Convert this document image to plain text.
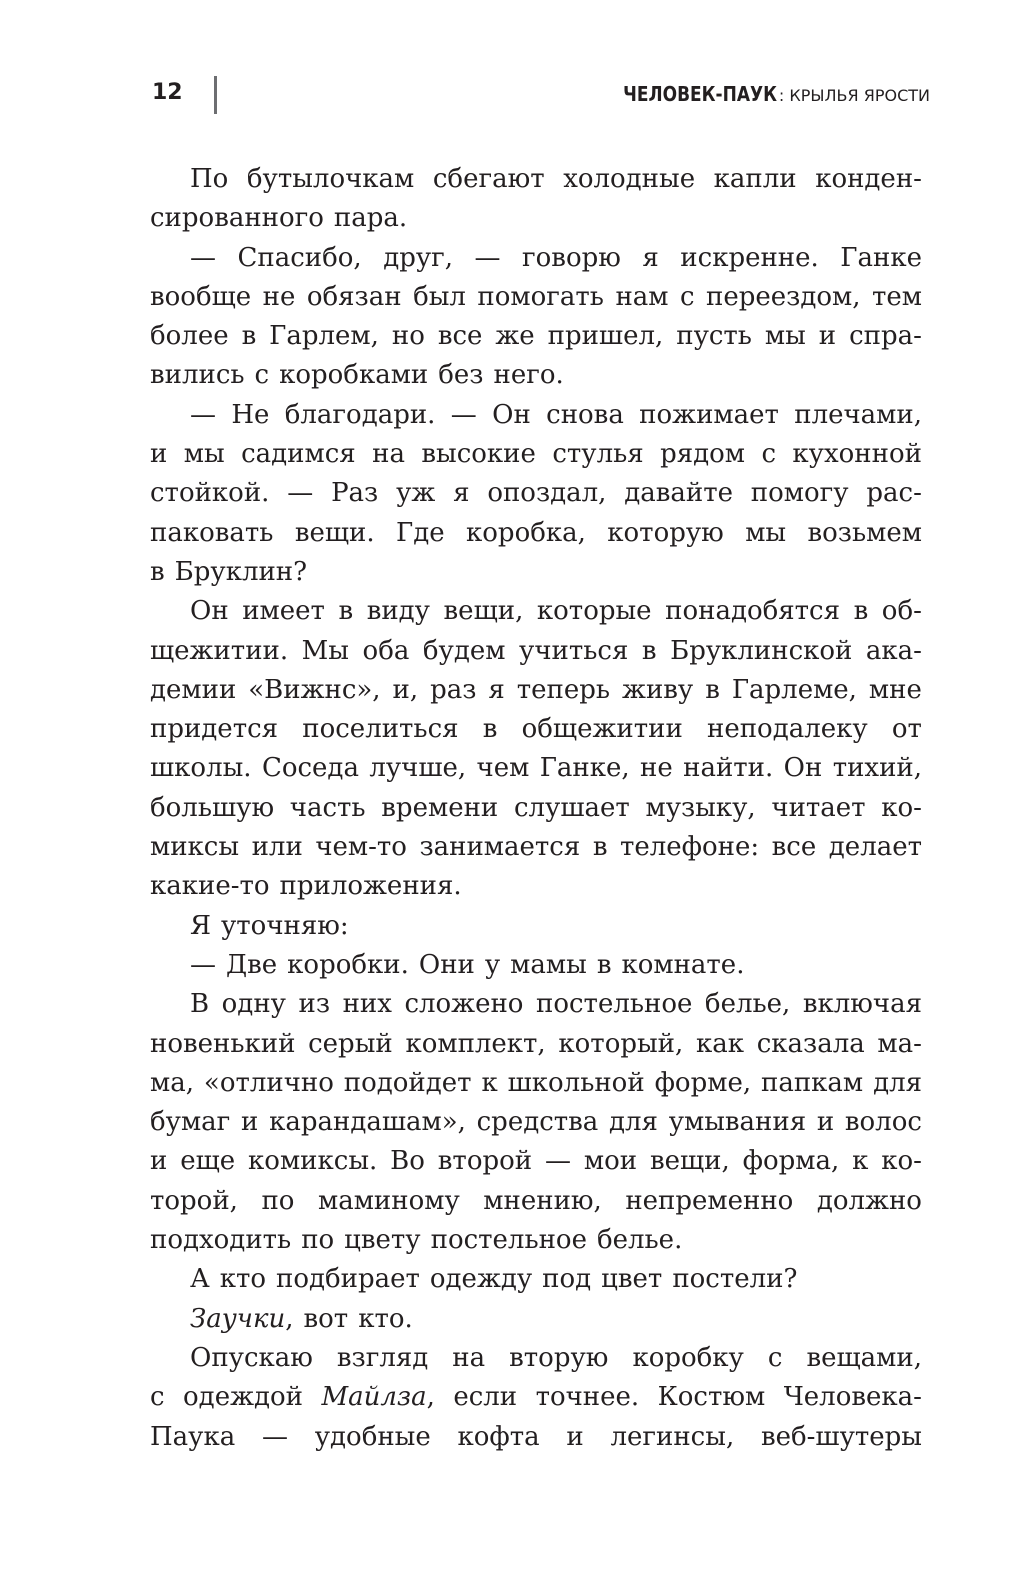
12	ЧЕЛОВЕК-ПАУК : КРЫЛЬЯ ЯРОСТИ
По бутылочкам сбегают холодные капли конден-
сированного пара.
— Спасибо, друг, — говорю я искренне. Ганке
вообще не обязан был помогать нам с переездом, тем
более в Гарлем, но все же пришел, пусть мы и спра-
вились с коробками без него.
— Не благодари. — Он снова пожимает плечами,
и мы садимся на высокие стулья рядом с кухонной
стойкой. — Раз уж я опоздал, давайте помогу рас-
паковать вещи. Где коробка, которую мы возьмем
в Бруклин?
Он имеет в виду вещи, которые понадобятся в об-
щежитии. Мы оба будем учиться в Бруклинской ака-
демии «Вижнс», и, раз я теперь живу в Гарлеме, мне
придется поселиться в общежитии неподалеку от
школы. Соседа лучше, чем Ганке, не найти. Он тихий,
большую часть времени слушает музыку, читает ко-
миксы или чем-то занимается в телефоне: все делает
какие-то приложения.
Я уточняю:
— Две коробки. Они у мамы в комнате.
В одну из них сложено постельное белье, включая
новенький серый комплект, который, как сказала ма-
ма, «отлично подойдет к школьной форме, папкам для
бумаг и карандашам», средства для умывания и волос
и еще комиксы. Во второй — мои вещи, форма, к ко-
торой, по маминому мнению, непременно должно
подходить по цвету постельное белье.
А кто подбирает одежду под цвет постели?
Заучки, вот кто.
Опускаю взгляд на вторую коробку с вещами,
с одеждой Майлза, если точнее. Костюм Человека-
Паука — удобные кофта и легинсы, веб-шутеры
